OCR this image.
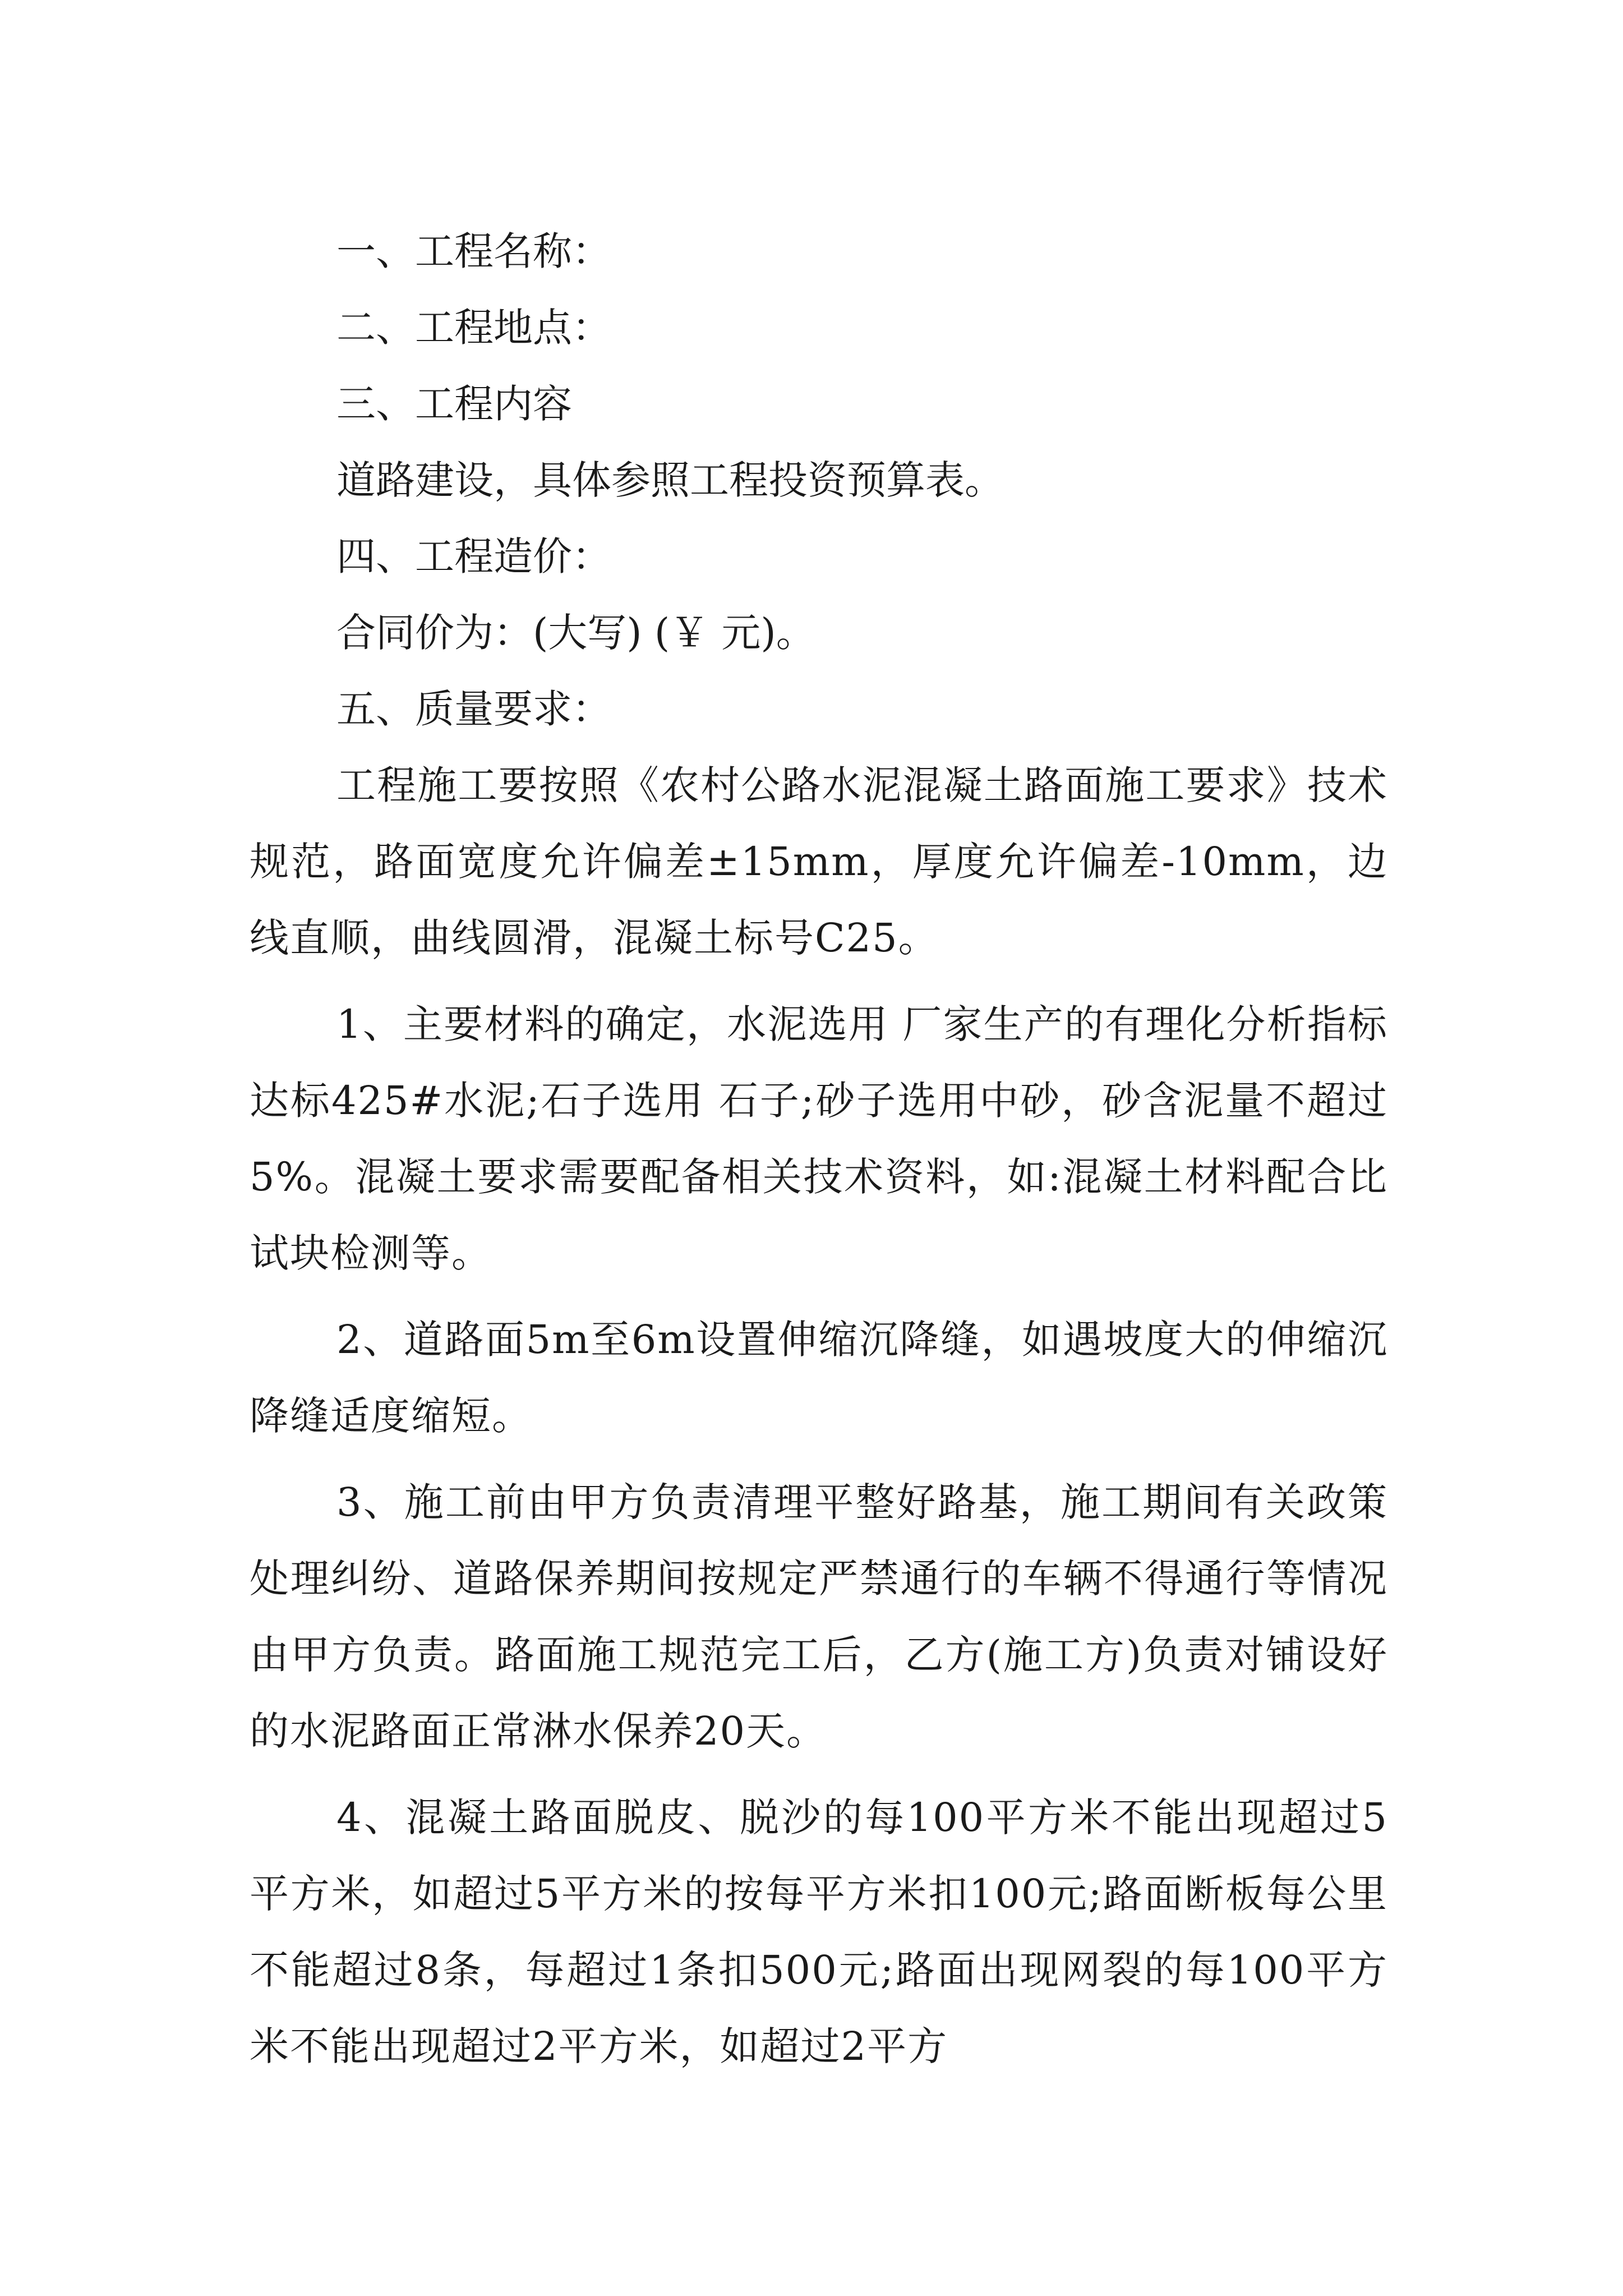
一、工程名称：

二、工程地点：

三、工程内容

道路建设，具体参照工程投资预算表。

四、工程造价：

合同价为：(大写) (￥ 元)。

五、质量要求：

工程施工要按照《农村公路水泥混凝土路面施工要求》技术规范，路面宽度允许偏差±15mm，厚度允许偏差-10mm，边线直顺，曲线圆滑，混凝土标号C25。

1、主要材料的确定，水泥选用 厂家生产的有理化分析指标达标425#水泥;石子选用 石子;砂子选用中砂，砂含泥量不超过5%。混凝土要求需要配备相关技术资料，如:混凝土材料配合比试块检测等。

2、道路面5m至6m设置伸缩沉降缝，如遇坡度大的伸缩沉降缝适度缩短。

3、施工前由甲方负责清理平整好路基，施工期间有关政策处理纠纷、道路保养期间按规定严禁通行的车辆不得通行等情况由甲方负责。路面施工规范完工后，乙方(施工方)负责对铺设好的水泥路面正常淋水保养20天。

4、混凝土路面脱皮、脱沙的每100平方米不能出现超过5平方米，如超过5平方米的按每平方米扣100元;路面断板每公里不能超过8条，每超过1条扣500元;路面出现网裂的每100平方米不能出现超过2平方米，如超过2平方
